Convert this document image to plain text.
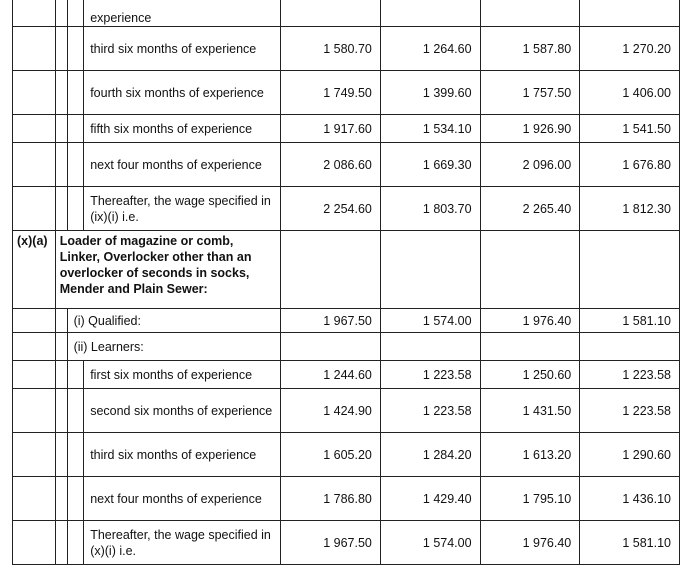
			experience				
			third six months of experience	1 580.70	1 264.60	1 587.80	1 270.20
			fourth six months of experience	1 749.50	1 399.60	1 757.50	1 406.00
			fifth six months of experience	1 917.60	1 534.10	1 926.90	1 541.50
			next four months of experience	2 086.60	1 669.30	2 096.00	1 676.80
			Thereafter, the wage specified in (ix)(i) i.e.	2 254.60	1 803.70	2 265.40	1 812.30
(x)(a)	Loader of magazine or comb, Linker, Overlocker other than an overlocker of seconds in socks, Mender and Plain Sewer:						
		(i) Qualified:		1 967.50	1 574.00	1 976.40	1 581.10
		(ii) Learners:					
			first six months of experience	1 244.60	1 223.58	1 250.60	1 223.58
			second six months of experience	1 424.90	1 223.58	1 431.50	1 223.58
			third six months of experience	1 605.20	1 284.20	1 613.20	1 290.60
			next four months of experience	1 786.80	1 429.40	1 795.10	1 436.10
			Thereafter, the wage specified in (x)(i) i.e.	1 967.50	1 574.00	1 976.40	1 581.10
